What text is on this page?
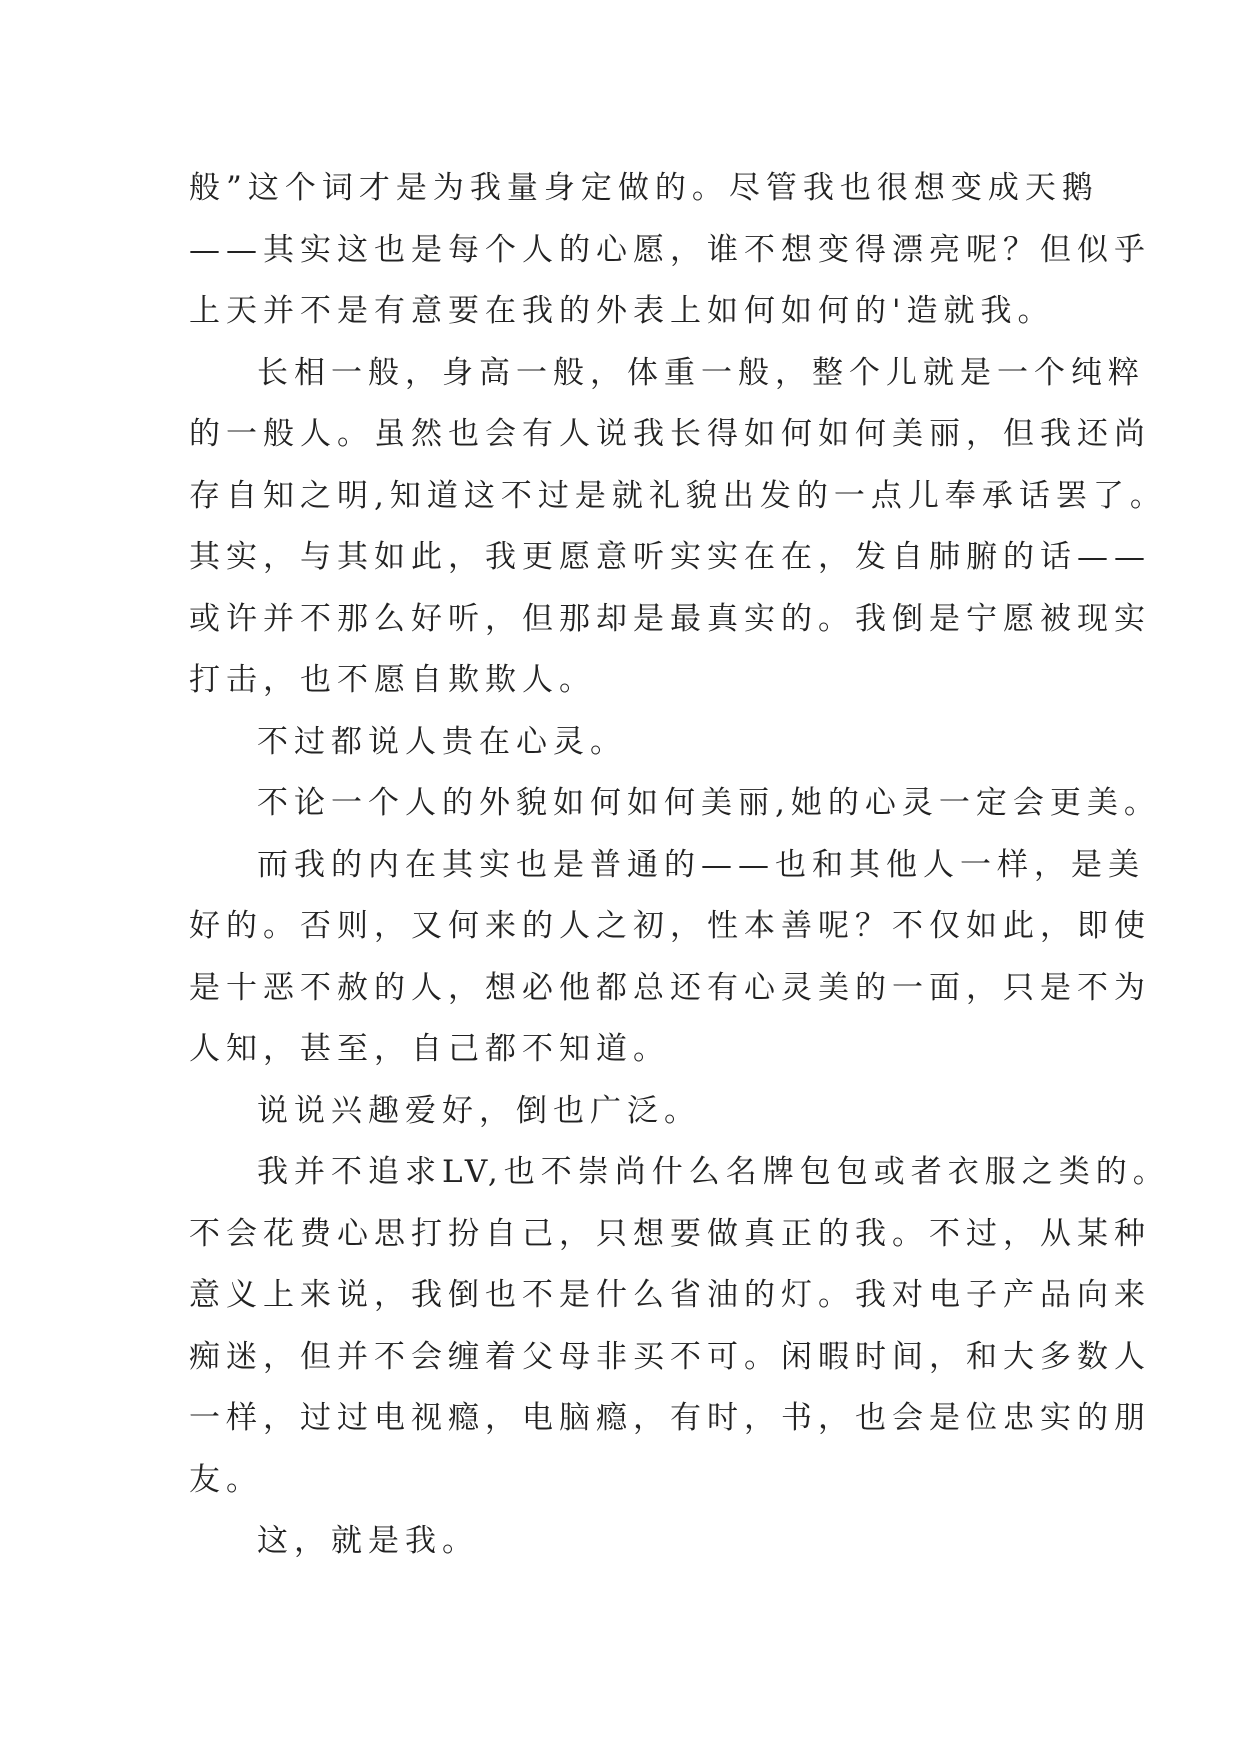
般”这个词才是为我量身定做的。尽管我也很想变成天鹅
——其实这也是每个人的心愿，谁不想变得漂亮呢？但似乎
上天并不是有意要在我的外表上如何如何的'造就我。
长相一般，身高一般，体重一般，整个儿就是一个纯粹
的一般人。虽然也会有人说我长得如何如何美丽，但我还尚
存自知之明,知道这不过是就礼貌出发的一点儿奉承话罢了。
其实，与其如此，我更愿意听实实在在，发自肺腑的话——
或许并不那么好听，但那却是最真实的。我倒是宁愿被现实
打击，也不愿自欺欺人。
不过都说人贵在心灵。
不论一个人的外貌如何如何美丽,她的心灵一定会更美。
而我的内在其实也是普通的——也和其他人一样，是美
好的。否则，又何来的人之初，性本善呢？不仅如此，即使
是十恶不赦的人，想必他都总还有心灵美的一面，只是不为
人知，甚至，自己都不知道。
说说兴趣爱好，倒也广泛。
我并不追求LV,也不崇尚什么名牌包包或者衣服之类的。
不会花费心思打扮自己，只想要做真正的我。不过，从某种
意义上来说，我倒也不是什么省油的灯。我对电子产品向来
痴迷，但并不会缠着父母非买不可。闲暇时间，和大多数人
一样，过过电视瘾，电脑瘾，有时，书，也会是位忠实的朋
友。
这，就是我。
